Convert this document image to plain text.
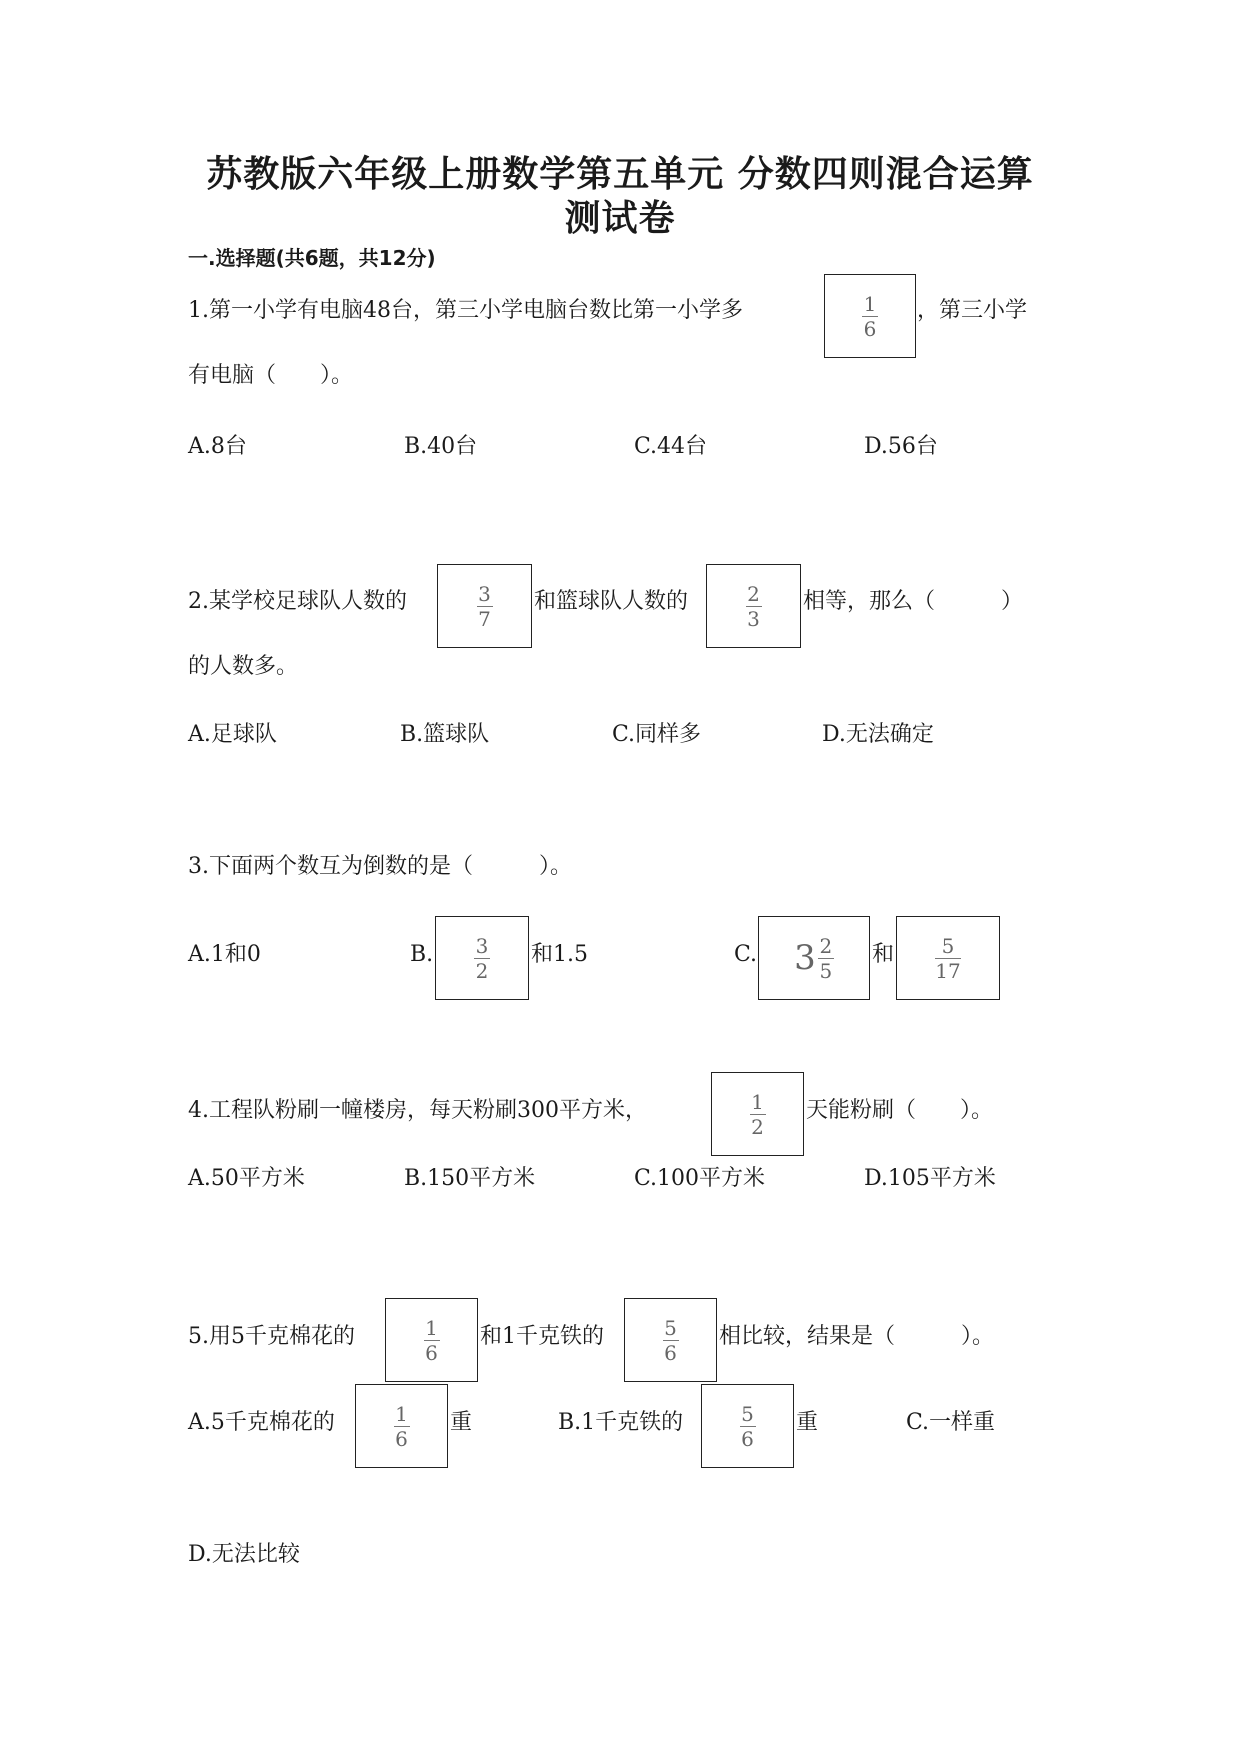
苏教版六年级上册数学第五单元 分数四则混合运算
测试卷
一.选择题(共6题，共12分)
1.第一小学有电脑48台，第三小学电脑台数比第一小学多	$\frac{1}{6}$ ，第三小学
有电脑（　　）。
A.8台	B.40台	C.44台	D.56台
2.某学校足球队人数的	$\frac{3}{7}$ 和篮球队人数的	$\frac{2}{3}$ 相等，那么（　　　）
的人数多。
A.足球队	B.篮球队	C.同样多	D.无法确定
3.下面两个数互为倒数的是（　　　）。
A.1和0	B. $\frac{3}{2}$ 和1.5	C. $3 \frac{2}{5}$ 和 $\frac{5}{17}$
4.工程队粉刷一幢楼房，每天粉刷300平方米，	$\frac{1}{2}$ 天能粉刷（　　）。
A.50平方米	B.150平方米	C.100平方米	D.105平方米
5.用5千克棉花的	$\frac{1}{6}$ 和1千克铁的	$\frac{5}{6}$ 相比较，结果是（　　　）。
A.5千克棉花的	$\frac{1}{6}$ 重	B.1千克铁的	$\frac{5}{6}$ 重	C.一样重
D.无法比较
